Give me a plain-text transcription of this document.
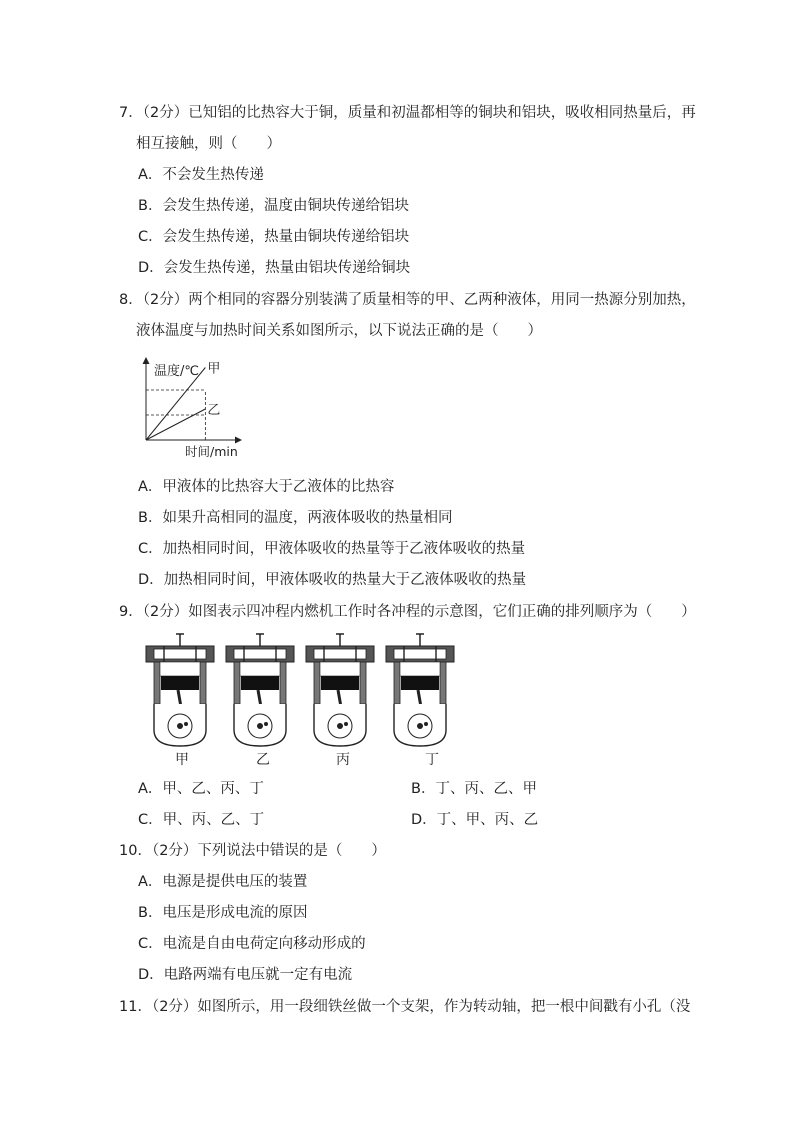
7．（2分）已知铝的比热容大于铜，质量和初温都相等的铜块和铝块，吸收相同热量后，再
相互接触，则（　　）
A．不会发生热传递
B．会发生热传递，温度由铜块传递给铝块
C．会发生热传递，热量由铜块传递给铝块
D．会发生热传递，热量由铝块传递给铜块
8．（2分）两个相同的容器分别装满了质量相等的甲、乙两种液体，用同一热源分别加热，
液体温度与加热时间关系如图所示，以下说法正确的是（　　）
甲
乙
温度/℃
时间/min
A．甲液体的比热容大于乙液体的比热容
B．如果升高相同的温度，两液体吸收的热量相同
C．加热相同时间，甲液体吸收的热量等于乙液体吸收的热量
D．加热相同时间，甲液体吸收的热量大于乙液体吸收的热量
9．（2分）如图表示四冲程内燃机工作时各冲程的示意图，它们正确的排列顺序为（　　）
甲	乙	丙	丁
A．甲、乙、丙、丁	B．丁、丙、乙、甲
C．甲、丙、乙、丁	D．丁、甲、丙、乙
10．（2分）下列说法中错误的是（　　）
A．电源是提供电压的装置
B．电压是形成电流的原因
C．电流是自由电荷定向移动形成的
D．电路两端有电压就一定有电流
11．（2分）如图所示，用一段细铁丝做一个支架，作为转动轴，把一根中间戳有小孔（没
